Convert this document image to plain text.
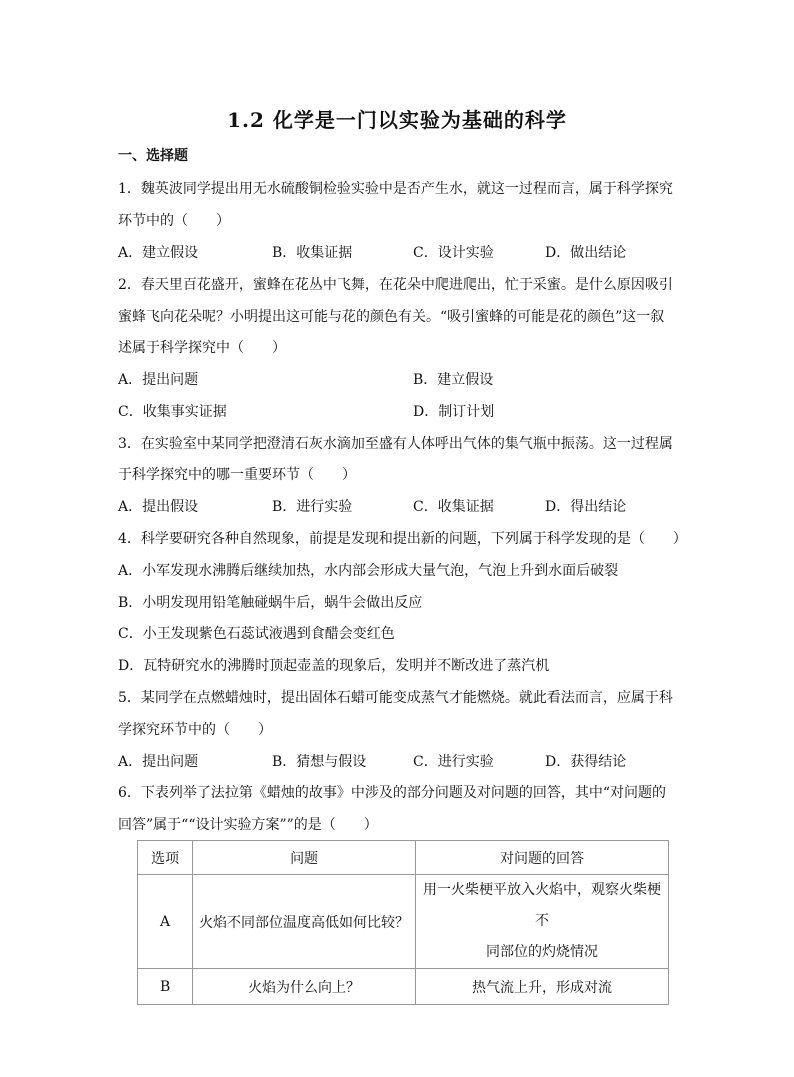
1.2 化学是一门以实验为基础的科学
一、选择题
1．魏英波同学提出用无水硫酸铜检验实验中是否产生水，就这一过程而言，属于科学探究
环节中的（　　）
A．建立假设	B．收集证据	C．设计实验	D．做出结论
2．春天里百花盛开，蜜蜂在花丛中飞舞，在花朵中爬进爬出，忙于采蜜。是什么原因吸引
蜜蜂飞向花朵呢？小明提出这可能与花的颜色有关。“吸引蜜蜂的可能是花的颜色”这一叙
述属于科学探究中（　　）
A．提出问题	B．建立假设
C．收集事实证据	D．制订计划
3．在实验室中某同学把澄清石灰水滴加至盛有人体呼出气体的集气瓶中振荡。这一过程属
于科学探究中的哪一重要环节（　　）
A．提出假设	B．进行实验	C．收集证据	D．得出结论
4．科学要研究各种自然现象，前提是发现和提出新的问题，下列属于科学发现的是（　　）
A．小军发现水沸腾后继续加热，水内部会形成大量气泡，气泡上升到水面后破裂
B．小明发现用铅笔触碰蜗牛后，蜗牛会做出反应
C．小王发现紫色石蕊试液遇到食醋会变红色
D．瓦特研究水的沸腾时顶起壶盖的现象后，发明并不断改进了蒸汽机
5．某同学在点燃蜡烛时，提出固体石蜡可能变成蒸气才能燃烧。就此看法而言，应属于科
学探究环节中的（　　）
A．提出问题	B．猜想与假设	C．进行实验	D．获得结论
6．下表列举了法拉第《蜡烛的故事》中涉及的部分问题及对问题的回答，其中“对问题的
回答”属于““设计实验方案””的是（　　）
选项	问题	对问题的回答
A	火焰不同部位温度高低如何比较？	用一火柴梗平放入火焰中，观察火柴梗不
同部位的灼烧情况

B	火焰为什么向上？	热气流上升，形成对流
